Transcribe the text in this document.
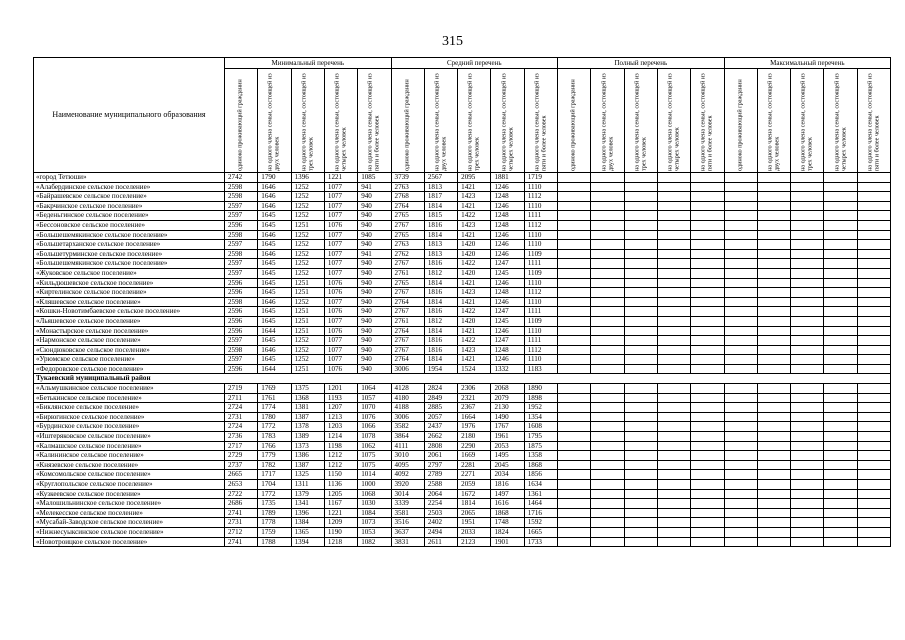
315
Наименование муниципального образования	Минимальный перечень					Средний перечень					Полный перечень					Максимальный перечень				

	одиноко проживающий гражданин	на одного члена семьи, состоящей из двух человек	на одного члена семьи, состоящей из трех человек	на одного члена семьи, состоящей из четырех человек	на одного члена семьи, состоящей из пяти и более человек	одиноко проживающий гражданин	на одного члена семьи, состоящей из двух человек	на одного члена семьи, состоящей из трех человек	на одного члена семьи, состоящей из четырех человек	на одного члена семьи, состоящей из пяти и более человек	одиноко проживающий гражданин	на одного члена семьи, состоящей из двух человек	на одного члена семьи, состоящей из трех человек	на одного члена семьи, состоящей из четырех человек	на одного члена семьи, состоящей из пяти и более человек	одиноко проживающий гражданин	на одного члена семьи, состоящей из двух человек	на одного члена семьи, состоящей из трех человек	на одного члена семьи, состоящей из четырех человек	на одного члена семьи, состоящей из пяти и более человек

«город Тетюши»	2742	1790	1396	1221	1085	3739	2567	2095	1881	1719										
«Алабердинское сельское поселение»	2598	1646	1252	1077	941	2763	1813	1421	1246	1110										
«Байрашевское сельское поселение»	2598	1646	1252	1077	940	2768	1817	1423	1248	1112										
«Бакрчинское сельское поселение»	2597	1646	1252	1077	940	2764	1814	1421	1246	1110										
«Беденьгинское сельское поселение»	2597	1645	1252	1077	940	2765	1815	1422	1248	1111										
«Бессоновское сельское поселение»	2596	1645	1251	1076	940	2767	1816	1423	1248	1112										
«Большешемякинское сельское поселение»	2598	1646	1252	1077	940	2765	1814	1421	1246	1110										
«Большетарханское сельское поселение»	2597	1645	1252	1077	940	2763	1813	1420	1246	1110										
«Большетурминское сельское поселение»	2598	1646	1252	1077	941	2762	1813	1420	1246	1109										
«Большешемякинское сельское поселение»	2597	1645	1252	1077	940	2767	1816	1422	1247	1111										
«Жуковское сельское поселение»	2597	1645	1252	1077	940	2761	1812	1420	1245	1109										
«Кильдюшевское сельское поселение»	2596	1645	1251	1076	940	2765	1814	1421	1246	1110										
«Киртелинское сельское поселение»	2596	1645	1251	1076	940	2767	1816	1423	1248	1112										
«Кляшевское сельское поселение»	2598	1646	1252	1077	940	2764	1814	1421	1246	1110										
«Кошки-Новотимбаевское сельское поселение»	2596	1645	1251	1076	940	2767	1816	1422	1247	1111										
«Льяшевское сельское поселение»	2596	1645	1251	1077	940	2761	1812	1420	1245	1109										
«Монастырское сельское поселение»	2596	1644	1251	1076	940	2764	1814	1421	1246	1110										
«Нармонское сельское поселение»	2597	1645	1252	1077	940	2767	1816	1422	1247	1111										
«Сюндюковское сельское поселение»	2598	1646	1252	1077	940	2767	1816	1423	1248	1112										
«Урюмское сельское поселение»	2597	1645	1252	1077	940	2764	1814	1421	1246	1110										
«Федоровское сельское поселение»	2596	1644	1251	1076	940	3006	1954	1524	1332	1183										
Тукаевский муниципальный район																				
«Альмушкинское сельское поселение»	2719	1769	1375	1201	1064	4128	2824	2306	2068	1890										
«Бетькинское сельское поселение»	2711	1761	1368	1193	1057	4180	2849	2321	2079	1898										
«Биклянское сельское поселение»	2724	1774	1381	1207	1070	4188	2885	2367	2130	1952										
«Бирюгинское сельское поселение»	2731	1780	1387	1213	1076	3006	2057	1664	1490	1354										
«Бурдинское сельское поселение»	2724	1772	1378	1203	1066	3582	2437	1976	1767	1608										
«Иштеряковское сельское поселение»	2736	1783	1389	1214	1078	3864	2662	2180	1961	1795										
«Калмашское сельское поселение»	2717	1766	1373	1198	1062	4111	2808	2290	2053	1875										
«Калининское сельское поселение»	2729	1779	1386	1212	1075	3010	2061	1669	1495	1358										
«Князевское сельское поселение»	2737	1782	1387	1212	1075	4095	2797	2281	2045	1868										
«Комсомольское сельское поселение»	2665	1717	1325	1150	1014	4092	2789	2271	2034	1856										
«Круглопольское сельское поселение»	2653	1704	1311	1136	1000	3920	2588	2059	1816	1634										
«Кузкеевское сельское поселение»	2722	1772	1379	1205	1068	3014	2064	1672	1497	1361										
«Малошильнинское сельское поселение»	2686	1735	1341	1167	1030	3339	2254	1814	1616	1464										
«Мелекесское сельское поселение»	2741	1789	1396	1221	1084	3581	2503	2065	1868	1716										
«Мусабай-Заводское сельское поселение»	2731	1778	1384	1209	1073	3516	2402	1951	1748	1592										
«Нижнесуыксинское сельское поселение»	2712	1759	1365	1190	1053	3637	2494	2033	1824	1665										
«Новотроицкое сельское поселение»	2741	1788	1394	1218	1082	3831	2611	2123	1901	1733										
